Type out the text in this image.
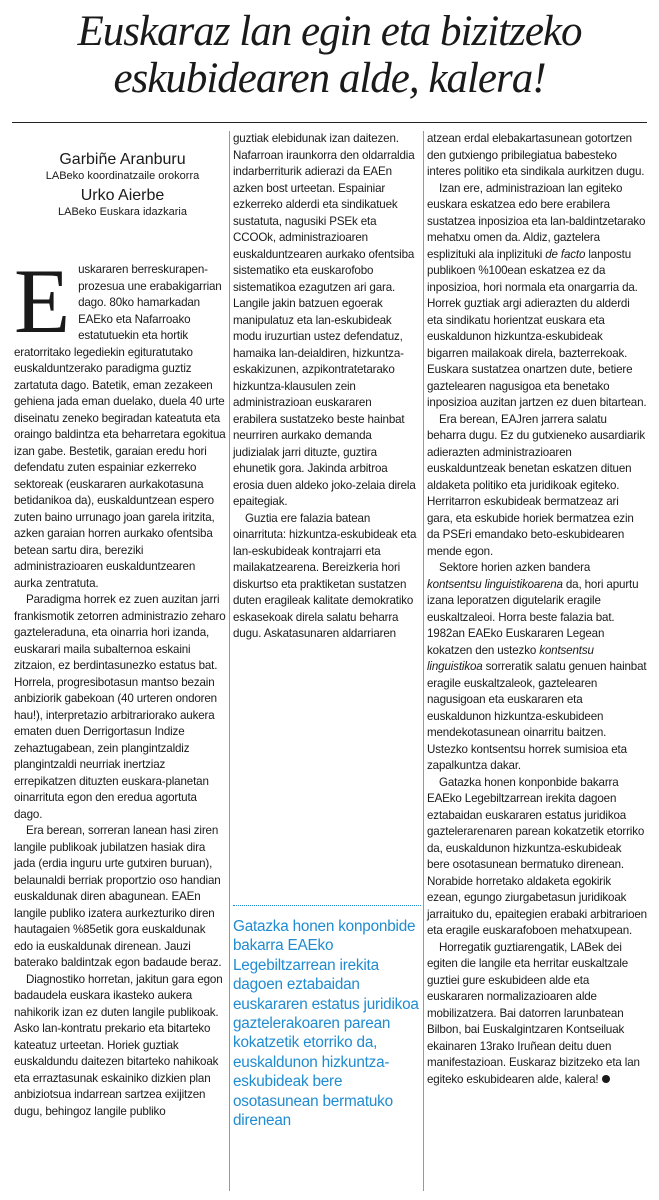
Euskaraz lan egin eta bizitzeko eskubidearen alde, kalera!
Garbiñe Aranburu
LABeko koordinatzaile orokorra
Urko Aierbe
LABeko Euskara idazkaria

Euskararen berreskurapen-prozesua une erabakigarrian dago. 80ko hamarkadan EAEko eta Nafarroako estatutuekin eta hortik eratorritako legediekin egituratutako euskalduntzerako paradigma guztiz zartatuta dago. Batetik, eman zezakeen gehiena jada eman duelako, duela 40 urte diseinatu zeneko begiradan kateatuta eta oraingo baldintza eta beharretara egokitua izan gabe. Bestetik, garaian eredu hori defendatu zuten espainiar ezkerreko sektoreak (euskararen aurkakotasuna betidanikoa da), euskalduntzean espero zuten baino urrunago joan garela iritzita, azken garaian horren aurkako ofentsiba betean sartu dira, bereziki administrazioaren euskalduntzearen aurka zentratuta.

Paradigma horrek ez zuen auzitan jarri frankismotik zetorren administrazio zeharo gazteleraduna, eta oinarria hori izanda, euskarari maila subalternoa eskaini zitzaion, ez berdintasunezko estatus bat. Horrela, progresibotasun mantso bezain anbiziorik gabekoan (40 urteren ondoren hau!), interpretazio arbitrariorako aukera ematen duen Derrigortasun Indize zehaztugabean, zein plangintzaldiz plangintzaldi neurriak inertziaz errepikatzen dituzten euskara-planetan oinarritutа egon den eredua agortuta dago.

Era berean, sorreran lanean hasi ziren langile publikoak jubilatzen hasiak dira jada (erdia inguru urte gutxiren buruan), belaunaldi berriak proportzio oso handian euskaldunak diren abagunean. EAEn langile publiko izatera aurkezturiko diren hautagaien %85etik gora euskaldunak edo ia euskaldunak direnean. Jauzi baterako baldintzak egon badaude beraz.

Diagnostiko horretan, jakitun gara egon badaudela euskara ikasteko aukera nahikorik izan ez duten langile publikoak. Asko lan-kontratu prekario eta bitarteko kateatuz urteetan. Horiek guztiak euskaldundu daitezen bitarteko nahikoak eta erraztasunak eskainiko dizkien plan anbiziotsua indarrean sartzea exijitzen dugu, behingoz langile publiko

guztiak elebidunak izan daitezen. Nafarroan iraunkorra den oldarraldia indarberriturik adierazi da EAEn azken bost urteetan. Espainiar ezkerreko alderdi eta sindikatuek sustatuta, nagusiki PSEk eta CCOOk, administrazioaren euskalduntzearen aurkako ofentsiba sistematiko eta euskarofobo sistematikoa ezagutzen ari gara. Langile jakin batzuen egoerak manipulatuz eta lan-eskubideak modu iruzurtian ustez defendatuz, hamaika lan-deialdiren, hizkuntza-eskakizunen, azpikontratetarako hizkuntza-klausulen zein administrazioan euskararen erabilera sustatzeko beste hainbat neurriren aurkako demanda judizialak jarri dituzte, guztira ehunetik gora. Jakinda arbitroa erosia duen aldeko joko-zelaia direla epaitegiak.

Guztia ere falazia batean oinarrituta: hizkuntza-eskubideak eta lan-eskubideak kontrajarri eta mailakatzearena. Bereizkeria hori diskurtso eta praktiketan sustatzen duten eragileak kalitate demokratiko eskasekoak direla salatu beharra dugu. Askatasunaren aldarriaren

Gatazka honen konponbide bakarra EAEko Legebiltzarrean irekita dagoen eztabaidan euskararen estatus juridikoa gaztelerakoaren parean kokatzetik etorriko da, euskaldunon hizkuntza-eskubideak bere osotasunean bermatuko direnean

atzean erdal elebakartasunean gotortzen den gutxiengo pribilegiatua babesteko interes politiko eta sindikala aurkitzen dugu.

Izan ere, administrazioan lan egiteko euskara eskatzea edo bere erabilera sustatzea inposizioa eta lan-baldintzetarako mehatxu omen da. Aldiz, gaztelera esplizituki ala inplizituki de facto lanpostu publikoen %100ean eskatzea ez da inposizioa, hori normala eta onargarria da. Horrek guztiak argi adierazten du alderdi eta sindikatu horientzat euskara eta euskaldunon hizkuntza-eskubideak bigarren mailakoak direla, bazterrekoak. Euskara sustatzea onartzen dute, betiere gaztelearen nagusigoa eta benetako inposizioa auzitan jartzen ez duen bitartean.

Era berean, EAJren jarrera salatu beharra dugu. Ez du gutxieneko ausardiarik adierazten administrazioaren euskalduntzeak benetan eskatzen dituen aldaketa politiko eta juridikoak egiteko. Herritarron eskubideak bermatzeaz ari gara, eta eskubide horiek bermatzea ezin da PSEri emandako beto-eskubidearen mende egon.

Sektore horien azken bandera kontsentsu linguistikoarena da, hori apurtu izana leporatzen digutelarik eragile euskaltzaleoi. Horra beste falazia bat. 1982an EAEko Euskararen Legean kokatzen den ustezko kontsentsu linguistikoa sorreratik salatu genuen hainbat eragile euskaltzaleok, gaztelearen nagusigoan eta euskararen eta euskaldunon hizkuntza-eskubideen mendekotasunean oinarritu baitzen. Ustezko kontsentsu horrek sumisioa eta zapalkuntza dakar.

Gatazka honen konponbide bakarra EAEko Legebiltzarrean irekita dagoen eztabaidan euskararen estatus juridikoa gaztelerarenaren parean kokatzetik etorriko da, euskaldunon hizkuntza-eskubideak bere osotasunean bermatuko direnean. Norabide horretako aldaketa egokirik ezean, egungo ziurgabetasun juridikoak jarraituko du, epaitegien erabaki arbitrarioen eta eragile euskarafoboen mehatxupean.

Horregatik guztiarengatik, LABek dei egiten die langile eta herritar euskaltzale guztiei gure eskubideen alde eta euskararen normalizazioaren alde mobilizatzera. Bai datorren larunbatean Bilbon, bai Euskalgintzaren Kontseiluak ekainaren 13rako Iruñean deitu duen manifestazioan. Euskaraz bizitzeko eta lan egiteko eskubidearen alde, kalera!
